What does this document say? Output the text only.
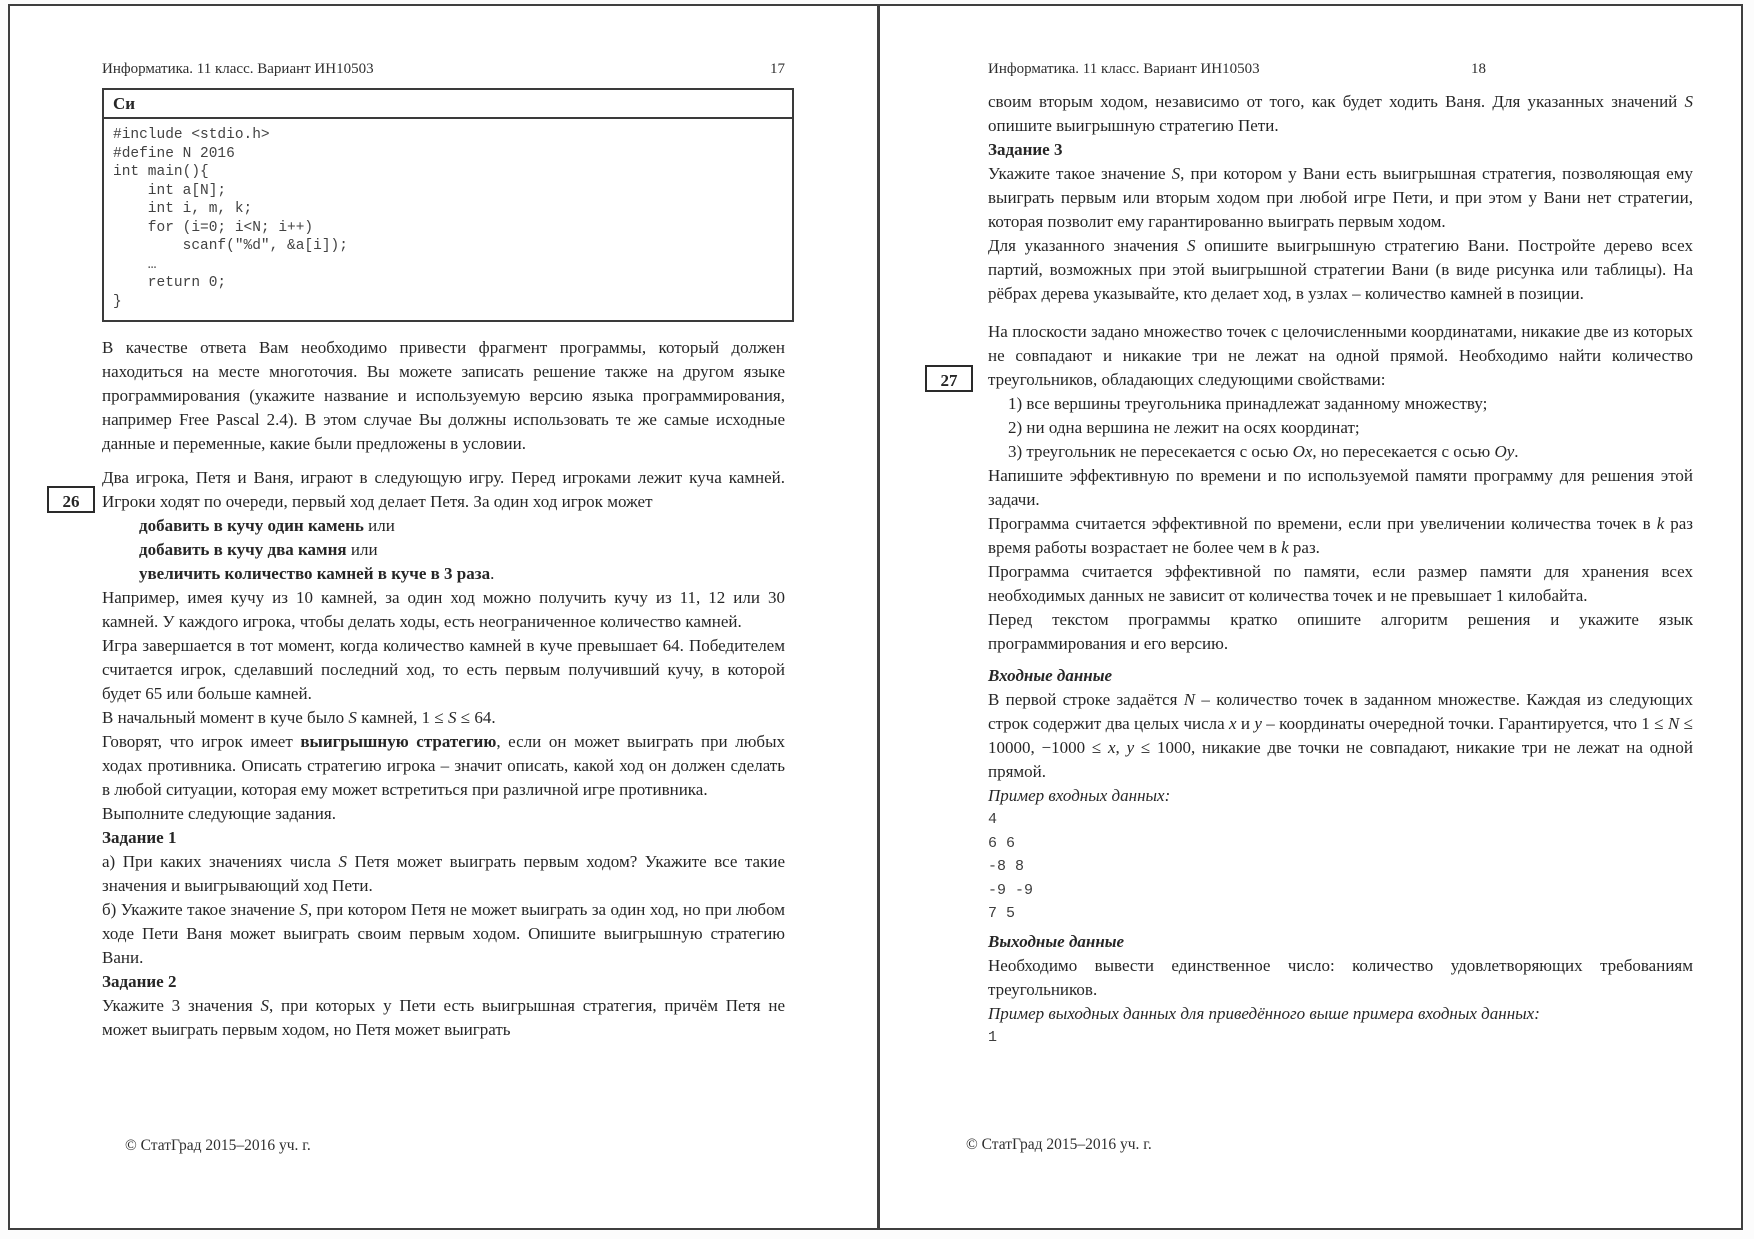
Информатика. 11 класс. Вариант ИН10503	17
Си
#include <stdio.h>
#define N 2016
int main(){
int a[N];
int i, m, k;
for (i=0; i<N; i++)
scanf("%d", &a[i]);
…
return 0;
}
В качестве ответа Вам необходимо привести фрагмент программы, который должен находиться на месте многоточия. Вы можете записать решение также на другом языке программирования (укажите название и используемую версию языка программирования, например Free Pascal 2.4). В этом случае Вы должны использовать те же самые исходные данные и переменные, какие были предложены в условии.
Два игрока, Петя и Ваня, играют в следующую игру. Перед игроками лежит куча камней. Игроки ходят по очереди, первый ход делает Петя. За один ход игрок может
добавить в кучу один камень или
добавить в кучу два камня или
увеличить количество камней в куче в 3 раза.
Например, имея кучу из 10 камней, за один ход можно получить кучу из 11, 12 или 30 камней. У каждого игрока, чтобы делать ходы, есть неограниченное количество камней.
Игра завершается в тот момент, когда количество камней в куче превышает 64. Победителем считается игрок, сделавший последний ход, то есть первым получивший кучу, в которой будет 65 или больше камней.
В начальный момент в куче было S камней, 1 ≤ S ≤ 64.
Говорят, что игрок имеет выигрышную стратегию, если он может выиграть при любых ходах противника. Описать стратегию игрока – значит описать, какой ход он должен сделать в любой ситуации, которая ему может встретиться при различной игре противника.
Выполните следующие задания.
Задание 1
а) При каких значениях числа S Петя может выиграть первым ходом? Укажите все такие значения и выигрывающий ход Пети.
б) Укажите такое значение S, при котором Петя не может выиграть за один ход, но при любом ходе Пети Ваня может выиграть своим первым ходом. Опишите выигрышную стратегию Вани.
Задание 2
Укажите 3 значения S, при которых у Пети есть выигрышная стратегия, причём Петя не может выиграть первым ходом, но Петя может выиграть
26
© СтатГрад 2015–2016 уч. г.
Информатика. 11 класс. Вариант ИН10503	18
своим вторым ходом, независимо от того, как будет ходить Ваня. Для указанных значений S опишите выигрышную стратегию Пети.
Задание 3
Укажите такое значение S, при котором у Вани есть выигрышная стратегия, позволяющая ему выиграть первым или вторым ходом при любой игре Пети, и при этом у Вани нет стратегии, которая позволит ему гарантированно выиграть первым ходом.
Для указанного значения S опишите выигрышную стратегию Вани. Постройте дерево всех партий, возможных при этой выигрышной стратегии Вани (в виде рисунка или таблицы). На рёбрах дерева указывайте, кто делает ход, в узлах – количество камней в позиции.
На плоскости задано множество точек с целочисленными координатами, никакие две из которых не совпадают и никакие три не лежат на одной прямой. Необходимо найти количество треугольников, обладающих следующими свойствами:
1) все вершины треугольника принадлежат заданному множеству;
2) ни одна вершина не лежит на осях координат;
3) треугольник не пересекается с осью Ox, но пересекается с осью Oy.
Напишите эффективную по времени и по используемой памяти программу для решения этой задачи.
Программа считается эффективной по времени, если при увеличении количества точек в k раз время работы возрастает не более чем в k раз.
Программа считается эффективной по памяти, если размер памяти для хранения всех необходимых данных не зависит от количества точек и не превышает 1 килобайта.
Перед текстом программы кратко опишите алгоритм решения и укажите язык программирования и его версию.
Входные данные
В первой строке задаётся N – количество точек в заданном множестве. Каждая из следующих строк содержит два целых числа x и y – координаты очередной точки. Гарантируется, что 1 ≤ N ≤ 10000, −1000 ≤ x, y ≤ 1000, никакие две точки не совпадают, никакие три не лежат на одной прямой.
Пример входных данных:
4
6 6
-8 8
-9 -9
7 5
Выходные данные
Необходимо вывести единственное число: количество удовлетворяющих требованиям треугольников.
Пример выходных данных для приведённого выше примера входных данных:
1
27
© СтатГрад 2015–2016 уч. г.
